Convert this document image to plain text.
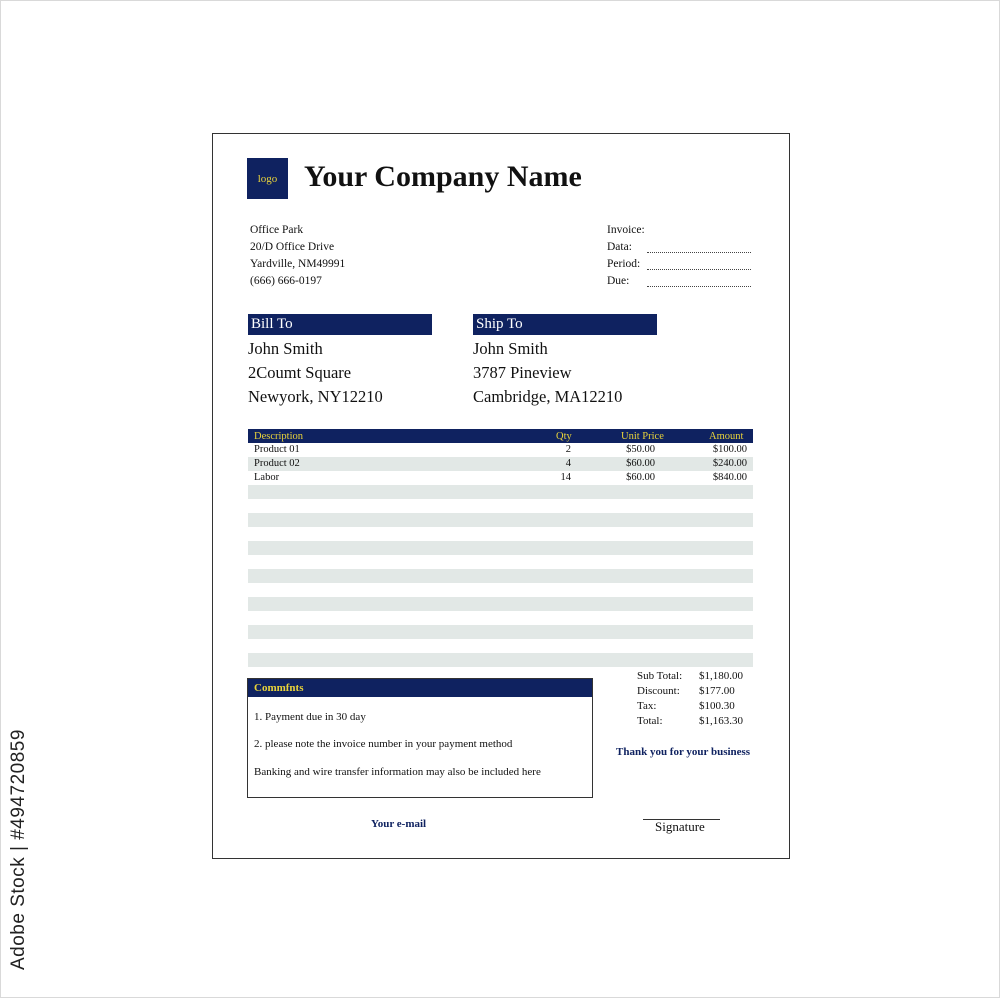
Adobe Stock | #494720859
logo Your Company Name
Office Park
20/D Office Drive
Yardville, NM49991
(666) 666-0197
Invoice:
Data:
Period:
Due:
Bill To
John Smith
2Coumt Square
Newyork, NY12210
Ship To
John Smith
3787 Pineview
Cambridge, MA12210
Description	Qty	Unit Price	Amount
Product 01	2	$50.00	$100.00
Product 02	4	$60.00	$240.00
Labor	14	$60.00	$840.00
Commfnts
1. Payment due in 30 day
2. please note the invoice number in your payment method
Banking and wire transfer information may also be included here
Sub Total: $1,180.00
Discount: $177.00
Tax:	$100.30
Total:	$1,163.30
Thank you for your business
Your e-mail	Signature
